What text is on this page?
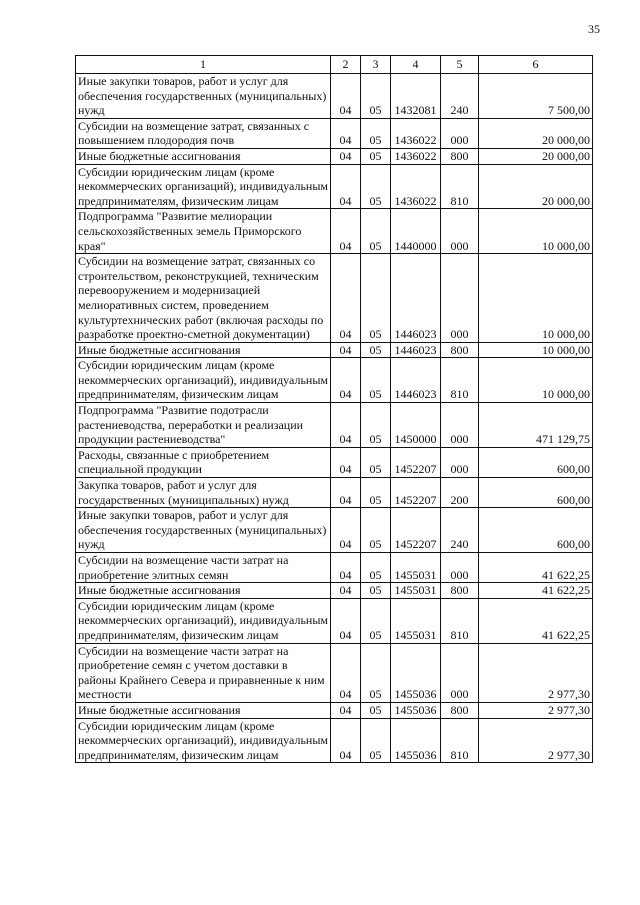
35
1	2	3	4	5	6
Иные закупки товаров, работ и услуг для обеспечения государственных (муниципальных) нужд	04	05	1432081	240	7 500,00
Субсидии на возмещение затрат, связанных с повышением плодородия почв	04	05	1436022	000	20 000,00
Иные бюджетные ассигнования	04	05	1436022	800	20 000,00
Субсидии юридическим лицам (кроме некоммерческих организаций), индивидуальным предпринимателям, физическим лицам	04	05	1436022	810	20 000,00
Подпрограмма "Развитие мелиорации сельскохозяйственных земель Приморского края"	04	05	1440000	000	10 000,00
Субсидии на возмещение затрат, связанных со строительством, реконструкцией, техническим перевооружением и модернизацией мелиоративных систем, проведением культуртехнических работ (включая расходы по разработке проектно-сметной документации)	04	05	1446023	000	10 000,00
Иные бюджетные ассигнования	04	05	1446023	800	10 000,00
Субсидии юридическим лицам (кроме некоммерческих организаций), индивидуальным предпринимателям, физическим лицам	04	05	1446023	810	10 000,00
Подпрограмма "Развитие подотрасли растениеводства, переработки и реализации продукции растениеводства"	04	05	1450000	000	471 129,75
Расходы, связанные с приобретением специальной продукции	04	05	1452207	000	600,00
Закупка товаров, работ и услуг для государственных (муниципальных) нужд	04	05	1452207	200	600,00
Иные закупки товаров, работ и услуг для обеспечения государственных (муниципальных) нужд	04	05	1452207	240	600,00
Субсидии на возмещение части затрат на приобретение элитных семян	04	05	1455031	000	41 622,25
Иные бюджетные ассигнования	04	05	1455031	800	41 622,25
Субсидии юридическим лицам (кроме некоммерческих организаций), индивидуальным предпринимателям, физическим лицам	04	05	1455031	810	41 622,25
Субсидии на возмещение части затрат на приобретение семян с учетом доставки в районы Крайнего Севера и приравненные к ним местности	04	05	1455036	000	2 977,30
Иные бюджетные ассигнования	04	05	1455036	800	2 977,30
Субсидии юридическим лицам (кроме некоммерческих организаций), индивидуальным предпринимателям, физическим лицам	04	05	1455036	810	2 977,30
